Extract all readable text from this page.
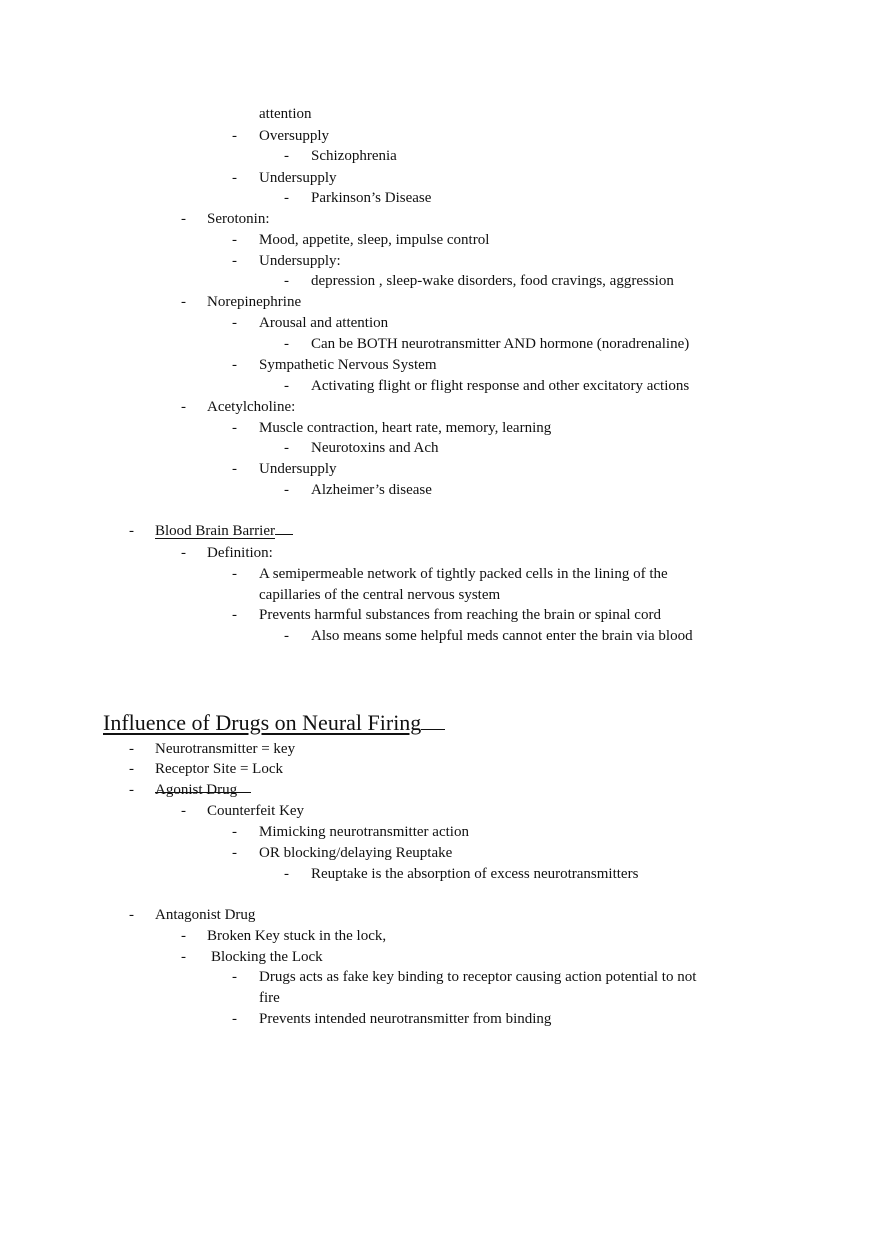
attention
- Oversupply
- Schizophrenia
- Undersupply
- Parkinson’s Disease
- Serotonin:
- Mood, appetite, sleep, impulse control
- Undersupply:
- depression , sleep-wake disorders, food cravings, aggression
- Norepinephrine
- Arousal and attention
- Can be BOTH neurotransmitter AND hormone (noradrenaline)
- Sympathetic Nervous System
- Activating flight or flight response and other excitatory actions
- Acetylcholine:
- Muscle contraction, heart rate, memory, learning
- Neurotoxins and Ach
- Undersupply
- Alzheimer’s disease
- Blood Brain Barrier
- Definition:
- A semipermeable network of tightly packed cells in the lining of the
capillaries of the central nervous system
- Prevents harmful substances from reaching the brain or spinal cord
- Also means some helpful meds cannot enter the brain via blood
Influence of Drugs on Neural Firing
- Neurotransmitter = key
- Receptor Site = Lock
- Agonist Drug
- Counterfeit Key
- Mimicking neurotransmitter action
- OR blocking/delaying Reuptake
- Reuptake is the absorption of excess neurotransmitters
- Antagonist Drug
- Broken Key stuck in the lock,
- Blocking the Lock
- Drugs acts as fake key binding to receptor causing action potential to not
fire
- Prevents intended neurotransmitter from binding
